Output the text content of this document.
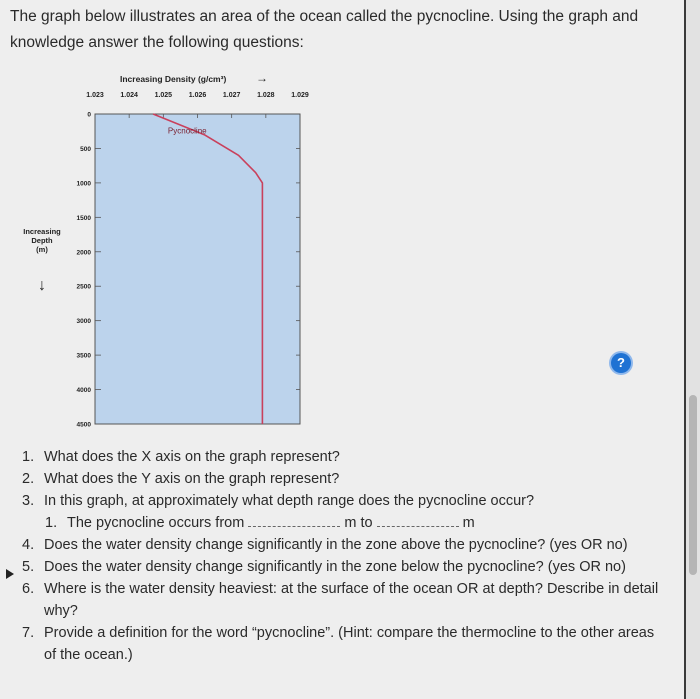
The graph below illustrates an area of the ocean called the pycnocline. Using the graph and knowledge answer the following questions:
Increasing Density (g/cm³) →
1.023 1.024 1.025 1.026 1.027 1.028 1.029
0
500
1000
1500
2000
2500
3000
3500
4000
4500
Increasing
Depth
(m)
↓
Pycnocline
?
1. What does the X axis on the graph represent?
2. What does the Y axis on the graph represent?
3. In this graph, at approximately what depth range does the pycnocline occur?
1. The pycnocline occurs from	m to	m
4. Does the water density change significantly in the zone above the pycnocline? (yes OR no)
5. Does the water density change significantly in the zone below the pycnocline? (yes OR no)
6. Where is the water density heaviest: at the surface of the ocean OR at depth? Describe in detail why?
7. Provide a definition for the word “pycnocline”. (Hint: compare the thermocline to the other areas of the ocean.)
